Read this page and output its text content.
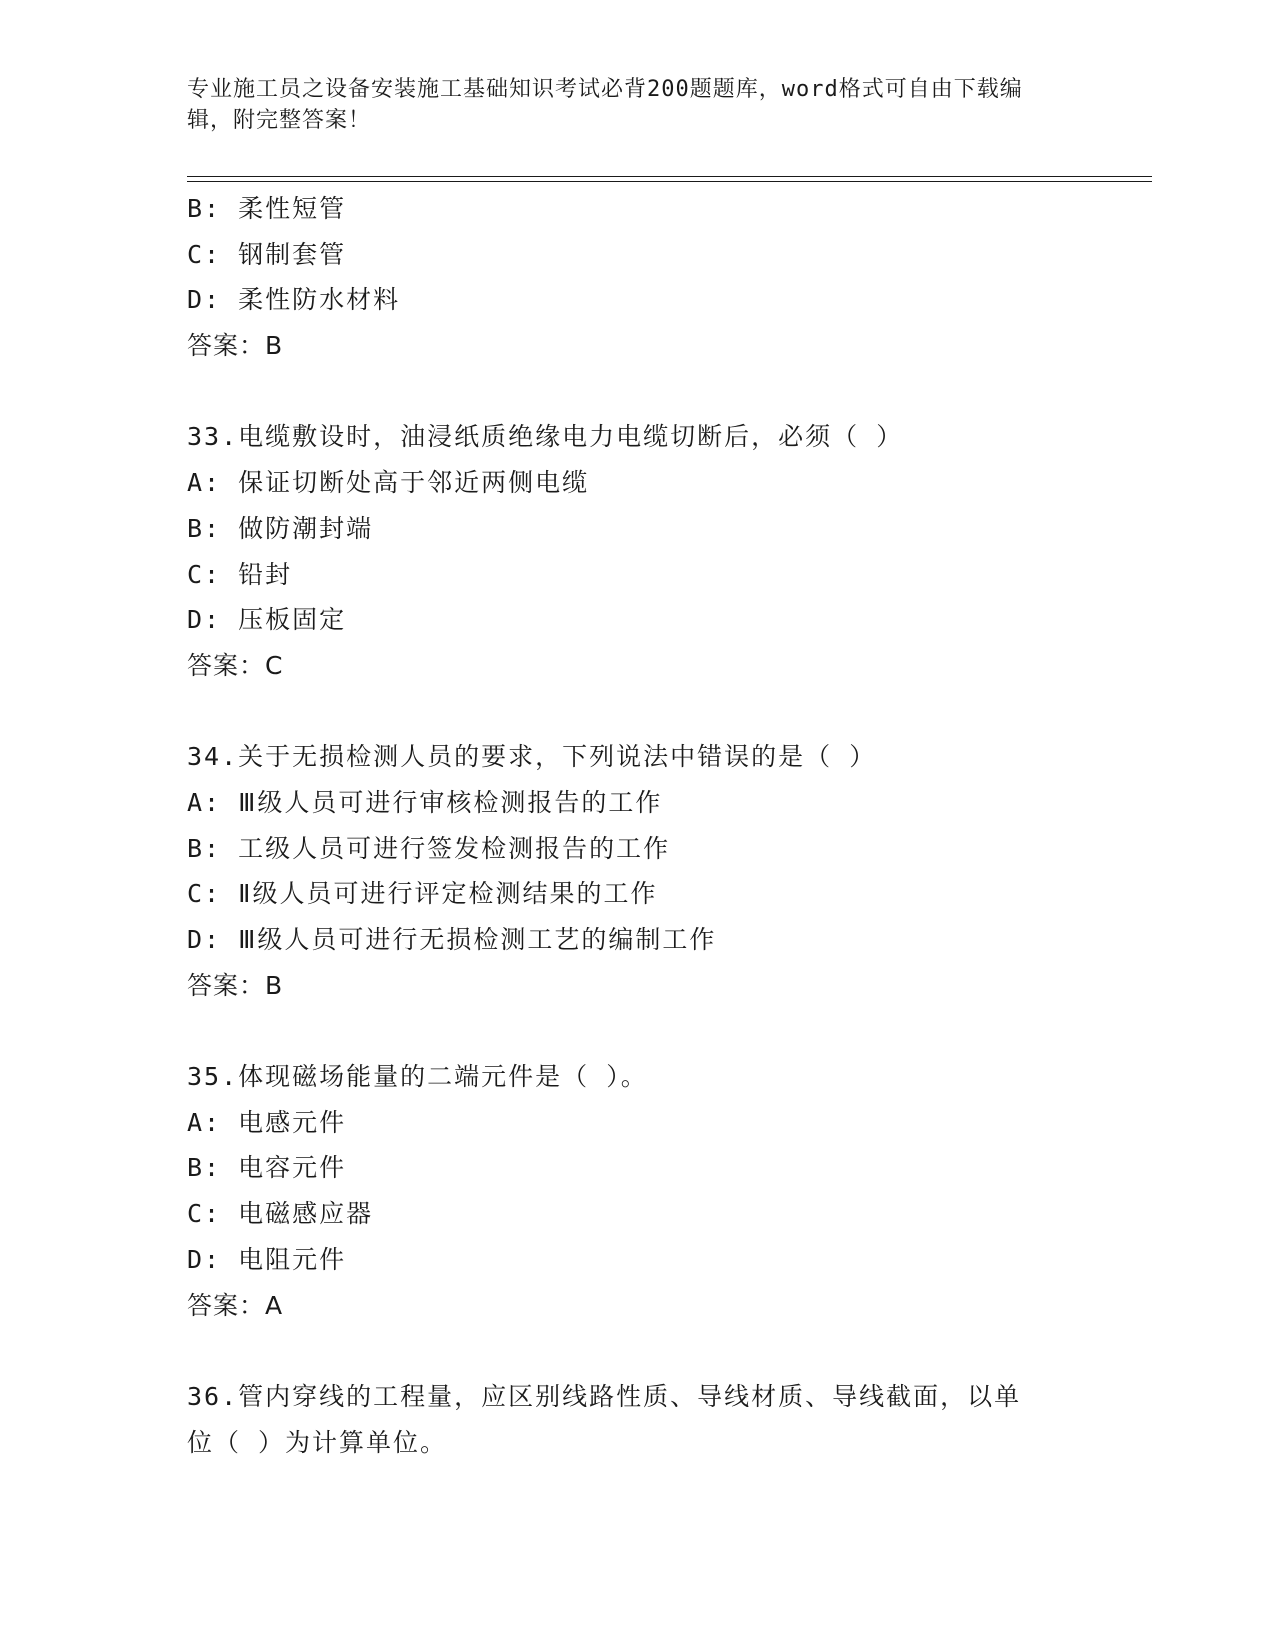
专业施工员之设备安装施工基础知识考试必背200题题库，word格式可自由下载编辑，附完整答案！
B: 柔性短管
C: 钢制套管
D: 柔性防水材料
答案：B
33.电缆敷设时，油浸纸质绝缘电力电缆切断后，必须（ ）
A: 保证切断处高于邻近两侧电缆
B: 做防潮封端
C: 铅封
D: 压板固定
答案：C
34.关于无损检测人员的要求，下列说法中错误的是（ ）
A: Ⅲ级人员可进行审核检测报告的工作
B: 工级人员可进行签发检测报告的工作
C: Ⅱ级人员可进行评定检测结果的工作
D: Ⅲ级人员可进行无损检测工艺的编制工作
答案：B
35.体现磁场能量的二端元件是（ ）。
A: 电感元件
B: 电容元件
C: 电磁感应器
D: 电阻元件
答案：A
36.管内穿线的工程量，应区别线路性质、导线材质、导线截面，以单
位（ ）为计算单位。
